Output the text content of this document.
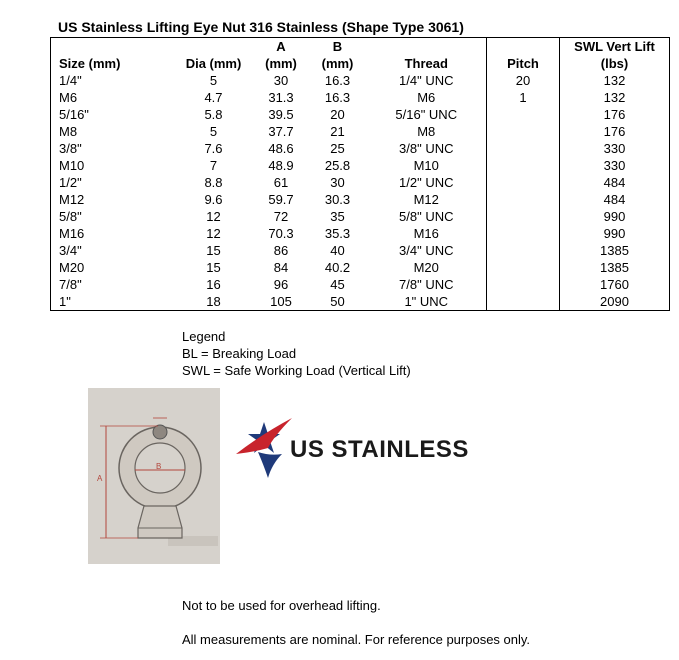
US Stainless Lifting Eye Nut 316 Stainless (Shape Type 3061)
		A	B			SWL Vert Lift
Size (mm)	Dia (mm)	(mm)	(mm)	Thread	Pitch	(lbs)
1/4"	5	30	16.3	1/4" UNC	20	132
M6	4.7	31.3	16.3	M6	1	132
5/16"	5.8	39.5	20	5/16" UNC		176
M8	5	37.7	21	M8		176
3/8"	7.6	48.6	25	3/8" UNC		330
M10	7	48.9	25.8	M10		330
1/2"	8.8	61	30	1/2" UNC		484
M12	9.6	59.7	30.3	M12		484
5/8"	12	72	35	5/8" UNC		990
M16	12	70.3	35.3	M16		990
3/4"	15	86	40	3/4" UNC		1385
M20	15	84	40.2	M20		1385
7/8"	16	96	45	7/8" UNC		1760
1"	18	105	50	1" UNC		2090
Legend
BL = Breaking Load
SWL = Safe Working Load (Vertical Lift)
A
B
US STAINLESS
Not to be used for overhead lifting.
All measurements are nominal. For reference purposes only.
